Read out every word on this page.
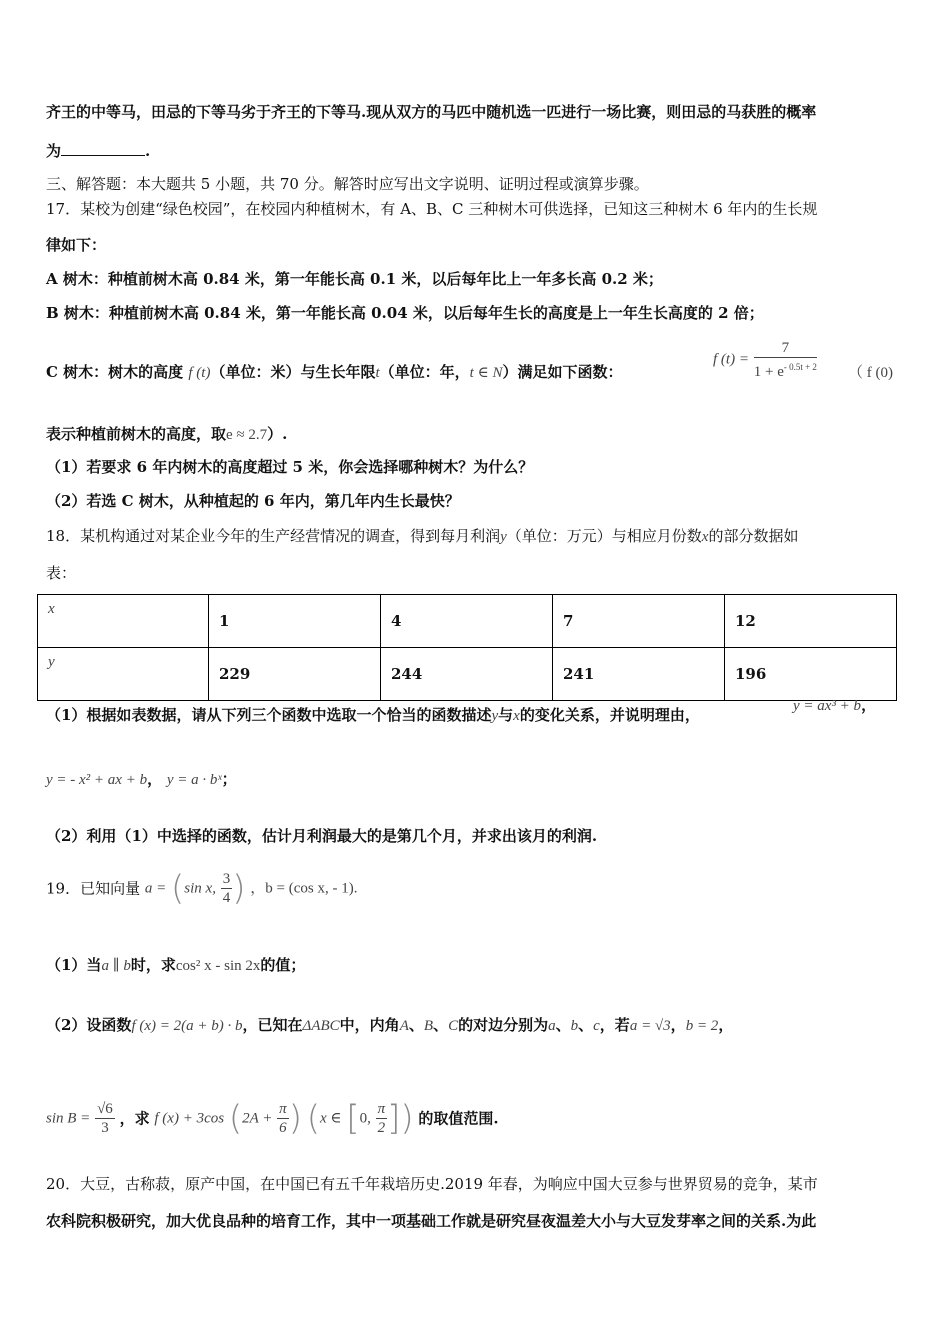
齐王的中等马，田忌的下等马劣于齐王的下等马.现从双方的马匹中随机选一匹进行一场比赛，则田忌的马获胜的概率
为	.
三、解答题：本大题共 5 小题，共 70 分。解答时应写出文字说明、证明过程或演算步骤。
17．某校为创建“绿色校园”，在校园内种植树木，有 A、B、C 三种树木可供选择，已知这三种树木 6 年内的生长规
律如下：
A 树木：种植前树木高 0.84 米，第一年能长高 0.1 米，以后每年比上一年多长高 0.2 米；
B 树木：种植前树木高 0.84 米，第一年能长高 0.04 米，以后每年生长的高度是上一年生长高度的 2 倍；
C 树木：树木的高度 f (t)（单位：米）与生长年限t（单位：年，t ∈ N）满足如下函数：
f $(t) = \frac{7}{1 + e^{- 0.5t + 2}}$ （ f (0)
表示种植前树木的高度，取e ≈ 2.7）.
（1）若要求 6 年内树木的高度超过 5 米，你会选择哪种树木？为什么？
（2）若选 C 树木，从种植起的 6 年内，第几年内生长最快？
18．某机构通过对某企业今年的生产经营情况的调查，得到每月利润y（单位：万元）与相应月份数x的部分数据如
表：
x	1	4	7	12
y	229	244	241	196
（1）根据如表数据，请从下列三个函数中选取一个恰当的函数描述y与x的变化关系，并说明理由，	y = ax³ + b，
y = - x² + ax + b， y = a · bˣ；
（2）利用（1）中选择的函数，估计月利润最大的是第几个月，并求出该月的利润.
19．已知向量 a = (sin x, $\frac{3}{4}$ ) ，b = (cos x, - 1).
（1）当a ∥ b时，求cos² x - sin 2x的值；
（2）设函数f (x) = 2(a + b) · b，已知在ΔABC中，内角A、B、C的对边分别为a、b、c，若a = √3，b = 2，
$\sin B = \frac{√6}{3}$ ，求 f (x) + 3cos ($2A + \frac{\pi}{6}$ ) (x ∈ [0, $\frac{\pi}{2}$ ]) 的取值范围.
20．大豆，古称菽，原产中国，在中国已有五千年栽培历史.2019 年春，为响应中国大豆参与世界贸易的竞争，某市
农科院积极研究，加大优良品种的培育工作，其中一项基础工作就是研究昼夜温差大小与大豆发芽率之间的关系.为此
